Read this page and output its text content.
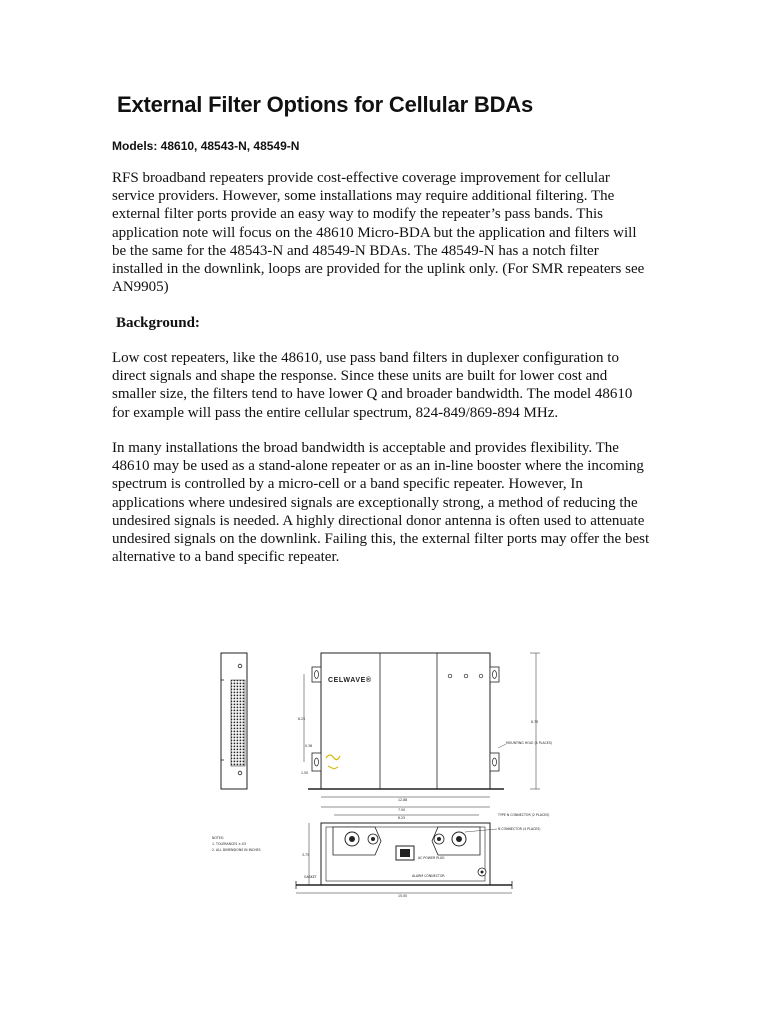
External Filter Options for Cellular BDAs

Models: 48610, 48543-N, 48549-N

RFS broadband repeaters provide cost-effective coverage improvement for cellular service providers. However, some installations may require additional filtering. The external filter ports provide an easy way to modify the repeater’s pass bands. This application note will focus on the 48610 Micro-BDA but the application and filters will be the same for the 48543-N and 48549-N BDAs. The 48549-N has a notch filter installed in the downlink, loops are provided for the uplink only. (For SMR repeaters see AN9905)

Background:

Low cost repeaters, like the 48610, use pass band filters in duplexer configuration to direct signals and shape the response. Since these units are built for lower cost and smaller size, the filters tend to have lower Q and broader bandwidth. The model 48610 for example will pass the entire cellular spectrum, 824-849/869-894 MHz.

In many installations the broad bandwidth is acceptable and provides flexibility. The 48610 may be used as a stand-alone repeater or as an in-line booster where the incoming spectrum is controlled by a micro-cell or a band specific repeater. However, In applications where undesired signals are exceptionally strong, a method of reducing the undesired signals is needed. A highly directional donor antenna is often used to attenuate undesired signals on the downlink. Failing this, the external filter ports may offer the best alternative to a band specific repeater.

CELWAVE®
8.75
8.25
0.38
1.50
MOUNTING HOLE (4 PLACES)
12.88
7.50
6.25
AC POWER PLUG
ALARM CONNECTOR
TYPE N CONNECTOR (2 PLACES)
N CONNECTOR (4 PLACES)
3.75
GASKET
15.00
NOTES:
1. TOLERANCES ±.03
2. ALL DIMENSIONS IN INCHES
